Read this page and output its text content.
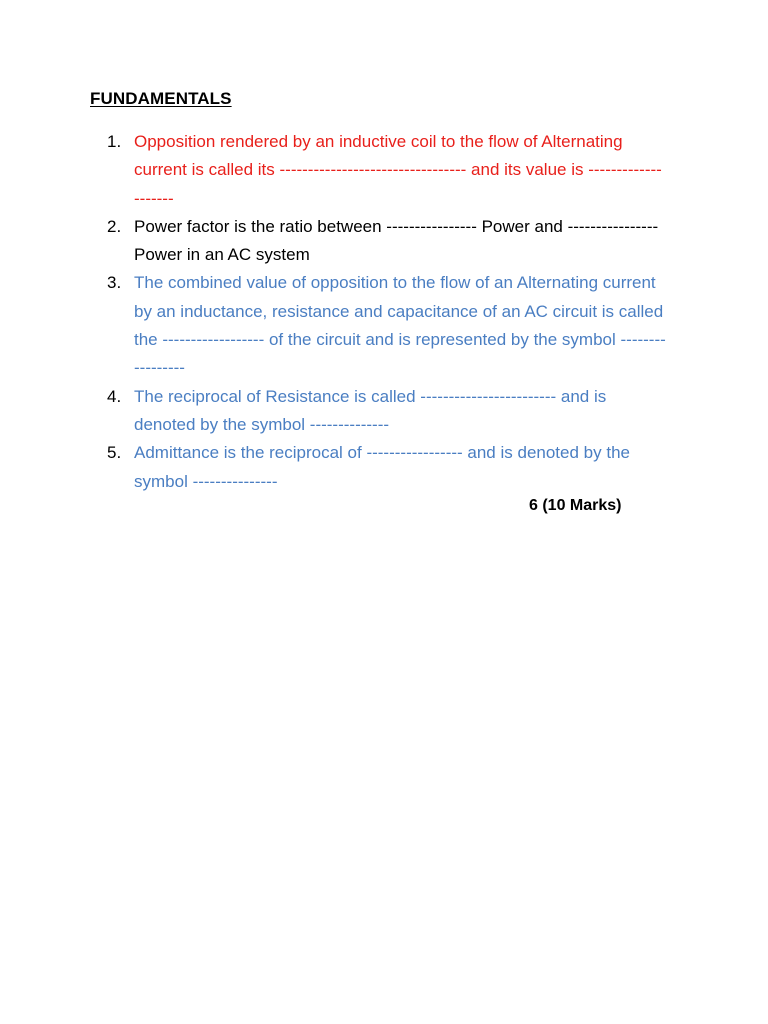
FUNDAMENTALS
1. Opposition rendered by an inductive coil to the flow of Alternating current is called its --------------------------------- and its value is --------------------
2. Power factor is the ratio between ---------------- Power and ---------------- Power in an AC system
3. The combined value of opposition to the flow of an Alternating current by an inductance, resistance and capacitance of an AC circuit is called the ------------------ of the circuit and is represented by the symbol -----------------
4. The reciprocal of Resistance is called ------------------------ and is denoted by the symbol --------------
5. Admittance is the reciprocal of ----------------- and is denoted by the symbol ---------------
6 (10 Marks)
